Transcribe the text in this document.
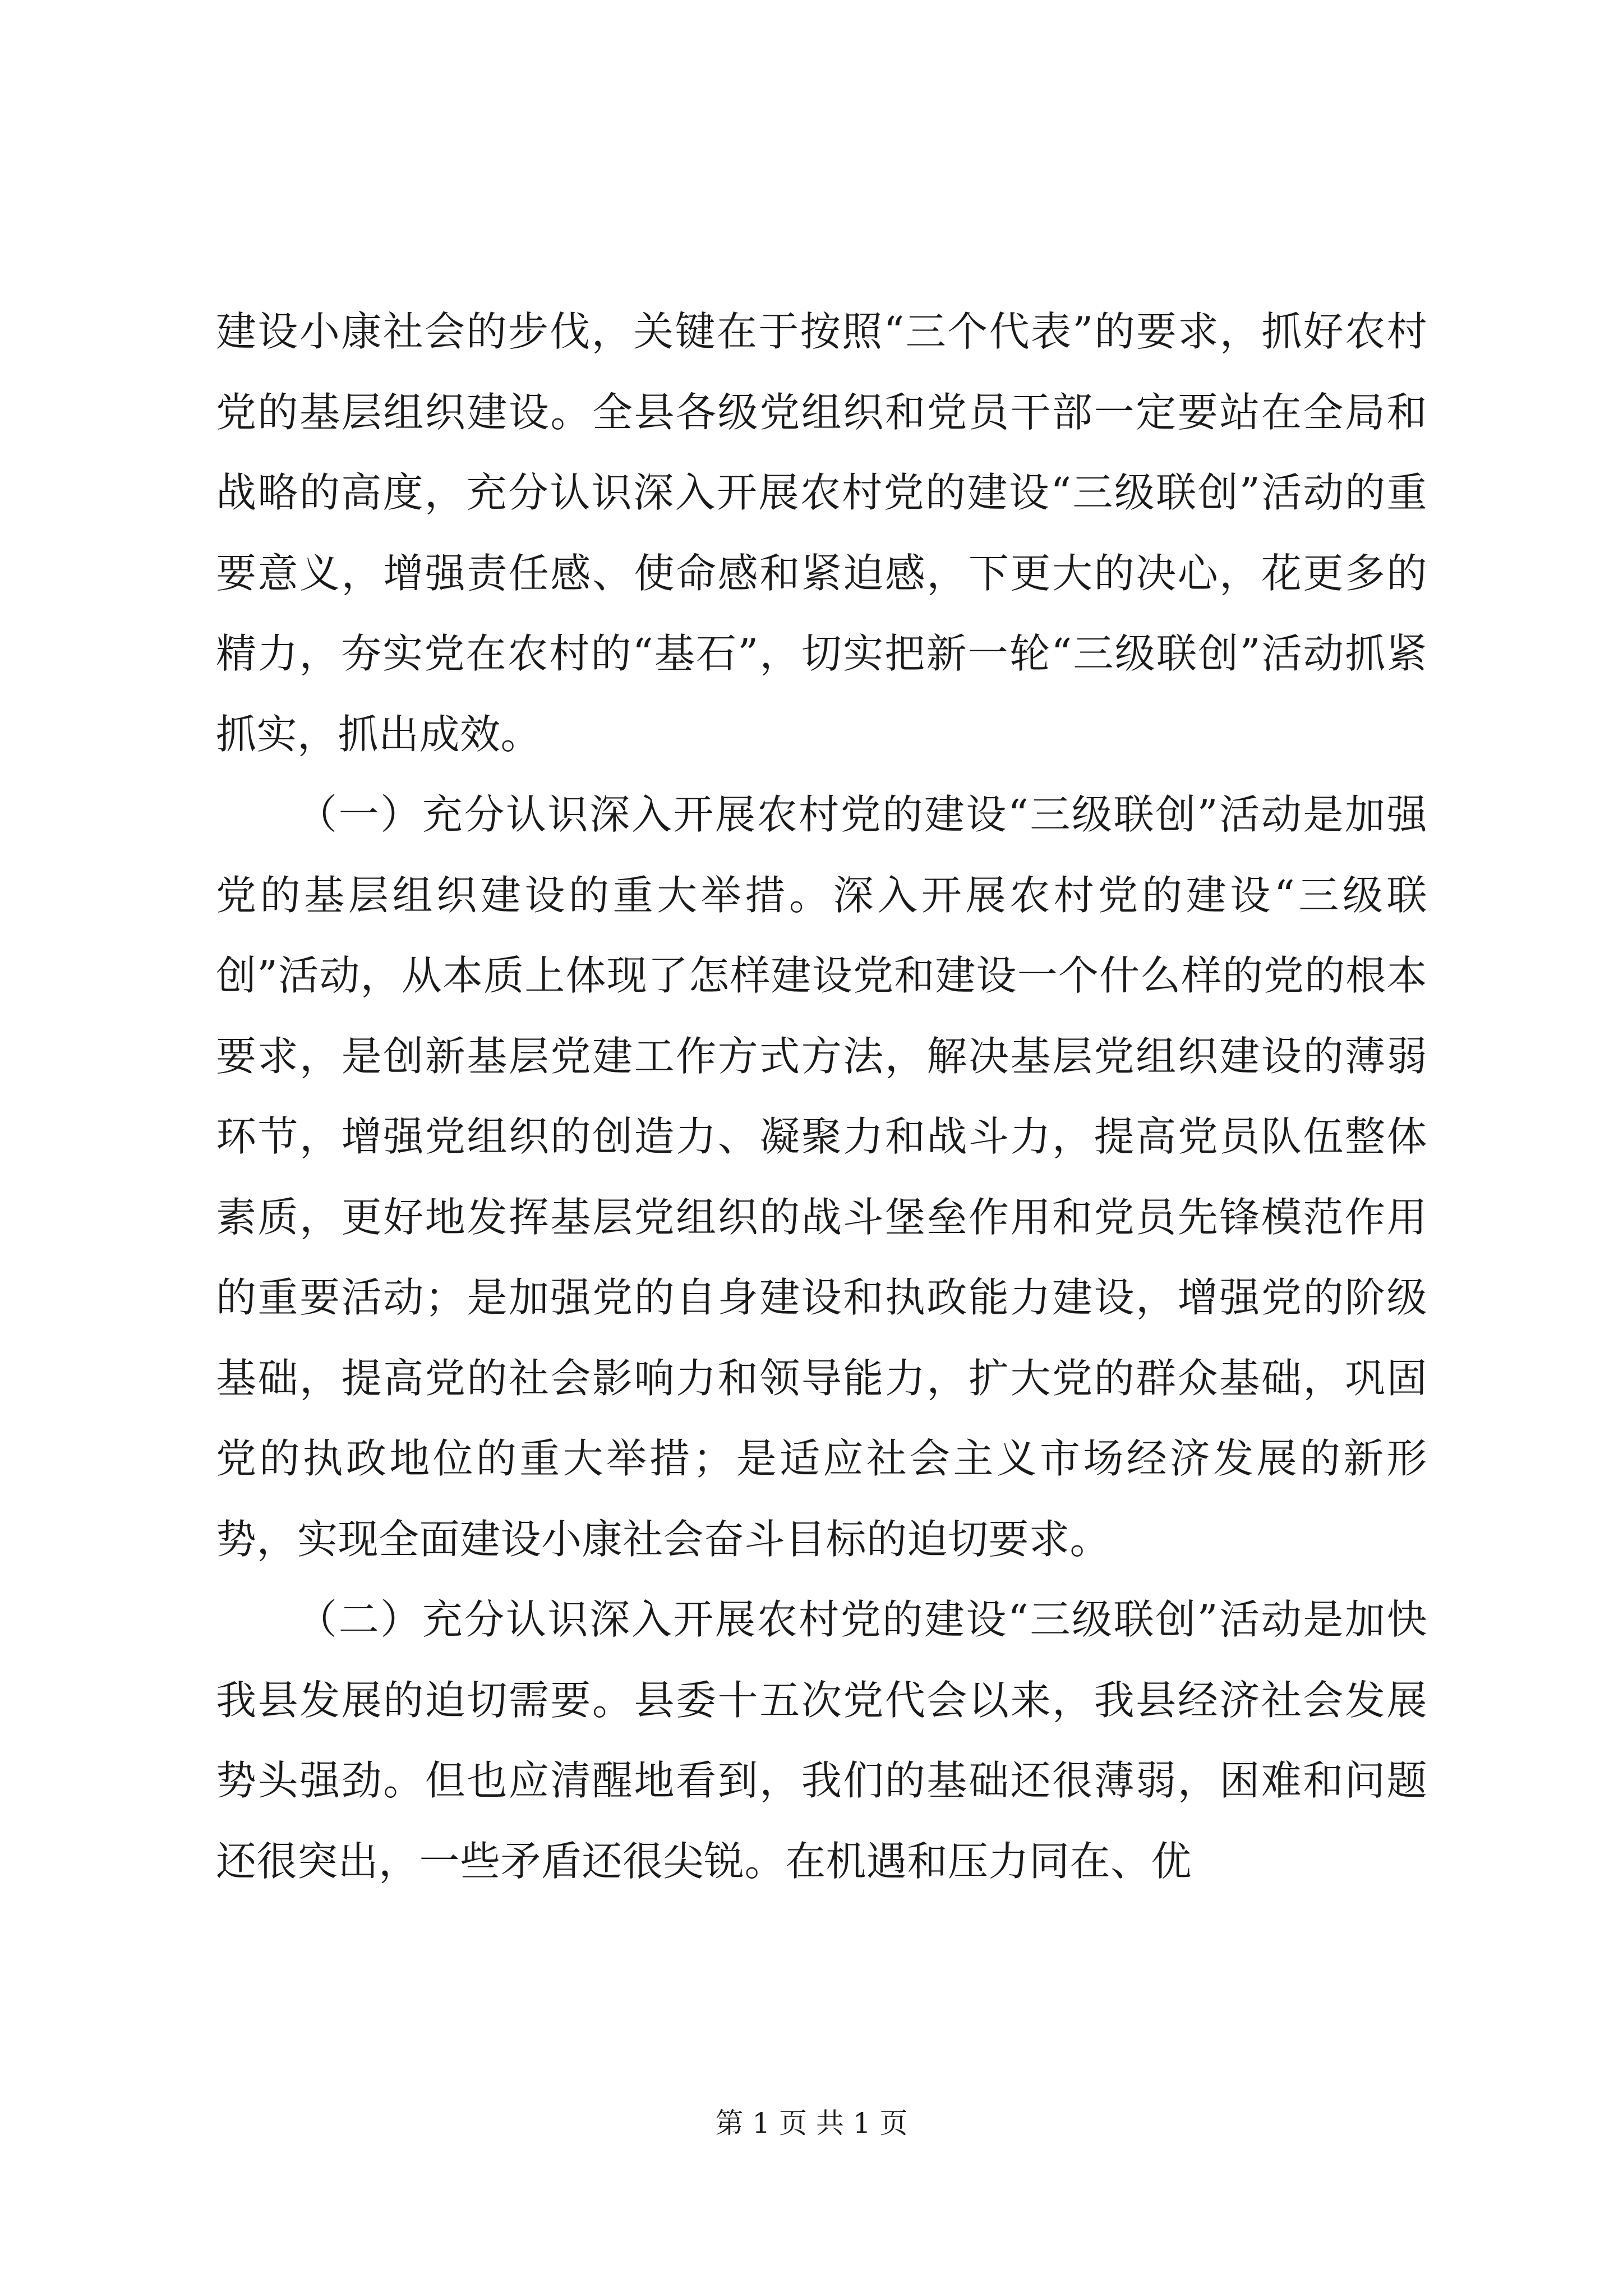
建设小康社会的步伐，关键在于按照“三个代表”的要求，抓好农村党的基层组织建设。全县各级党组织和党员干部一定要站在全局和战略的高度，充分认识深入开展农村党的建设“三级联创”活动的重要意义，增强责任感、使命感和紧迫感，下更大的决心，花更多的精力，夯实党在农村的“基石”，切实把新一轮“三级联创”活动抓紧抓实，抓出成效。

（一）充分认识深入开展农村党的建设“三级联创”活动是加强党的基层组织建设的重大举措。深入开展农村党的建设“三级联创”活动，从本质上体现了怎样建设党和建设一个什么样的党的根本要求，是创新基层党建工作方式方法，解决基层党组织建设的薄弱环节，增强党组织的创造力、凝聚力和战斗力，提高党员队伍整体素质，更好地发挥基层党组织的战斗堡垒作用和党员先锋模范作用的重要活动；是加强党的自身建设和执政能力建设，增强党的阶级基础，提高党的社会影响力和领导能力，扩大党的群众基础，巩固党的执政地位的重大举措；是适应社会主义市场经济发展的新形势，实现全面建设小康社会奋斗目标的迫切要求。

（二）充分认识深入开展农村党的建设“三级联创”活动是加快我县发展的迫切需要。县委十五次党代会以来，我县经济社会发展势头强劲。但也应清醒地看到，我们的基础还很薄弱，困难和问题还很突出，一些矛盾还很尖锐。在机遇和压力同在、优

第 1 页 共 1 页
